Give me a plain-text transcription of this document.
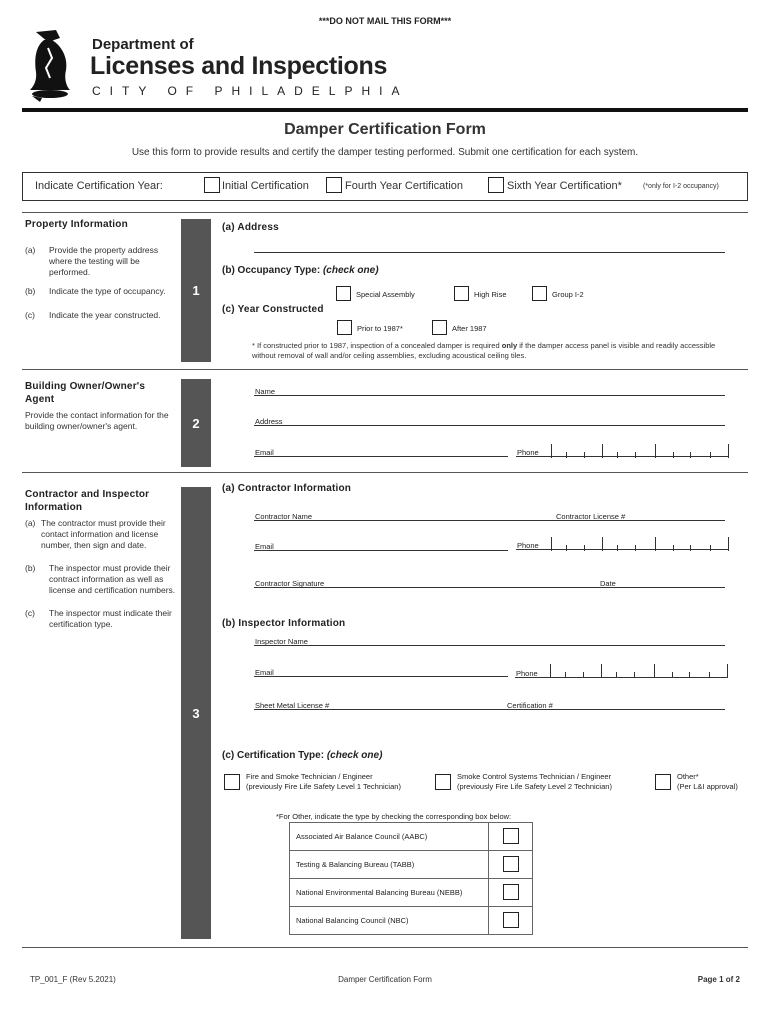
***DO NOT MAIL THIS FORM***
Department of
Licenses and Inspections
CITY OF PHILADELPHIA
Damper Certification Form
Use this form to provide results and certify the damper testing performed. Submit one certification for each system.
Indicate Certification Year:	Initial Certification	Fourth Year Certification	Sixth Year Certification*	(*only for I-2 occupancy)
Property Information
(a)	Provide the property address where the testing will be performed.
(b)	Indicate the type of occupancy.
(c)	Indicate the year constructed.
1
(a) Address
(b) Occupancy Type: (check one)
Special Assembly	High Rise	Group I-2
(c) Year Constructed
Prior to 1987*	After 1987
* If constructed prior to 1987, inspection of a concealed damper is required only if the damper access panel is visible and readily accessible without removal of wall and/or ceiling assemblies, excluding acoustical ceiling tiles.
Building Owner/Owner's Agent
Provide the contact information for the building owner/owner's agent.	2
Name
Address
Email	Phone
Contractor and Inspector Information
(a) The contractor must provide their contact information and license number, then sign and date.
(b)	The inspector must provide their contract information as well as license and certification numbers.
(c)	The inspector must indicate their certification type.
3
(a) Contractor Information
Contractor Name	Contractor License #
Email	Phone
Contractor Signature	Date
(b) Inspector Information
Inspector Name
Email	Phone
Sheet Metal License #	Certification #
(c) Certification Type: (check one)
Fire and Smoke Technician / Engineer
(previously Fire Life Safety Level 1 Technician)
Smoke Control Systems Technician / Engineer
(previously Fire Life Safety Level 2 Technician)
Other*
(Per L&I approval)
*For Other, indicate the type by checking the corresponding box below:
Associated Air Balance Council (AABC)	
Testing & Balancing Bureau (TABB)	
National Environmental Balancing Bureau (NEBB)	
National Balancing Council (NBC)	
TP_001_F (Rev 5.2021)	Damper Certification Form	Page 1 of 2
